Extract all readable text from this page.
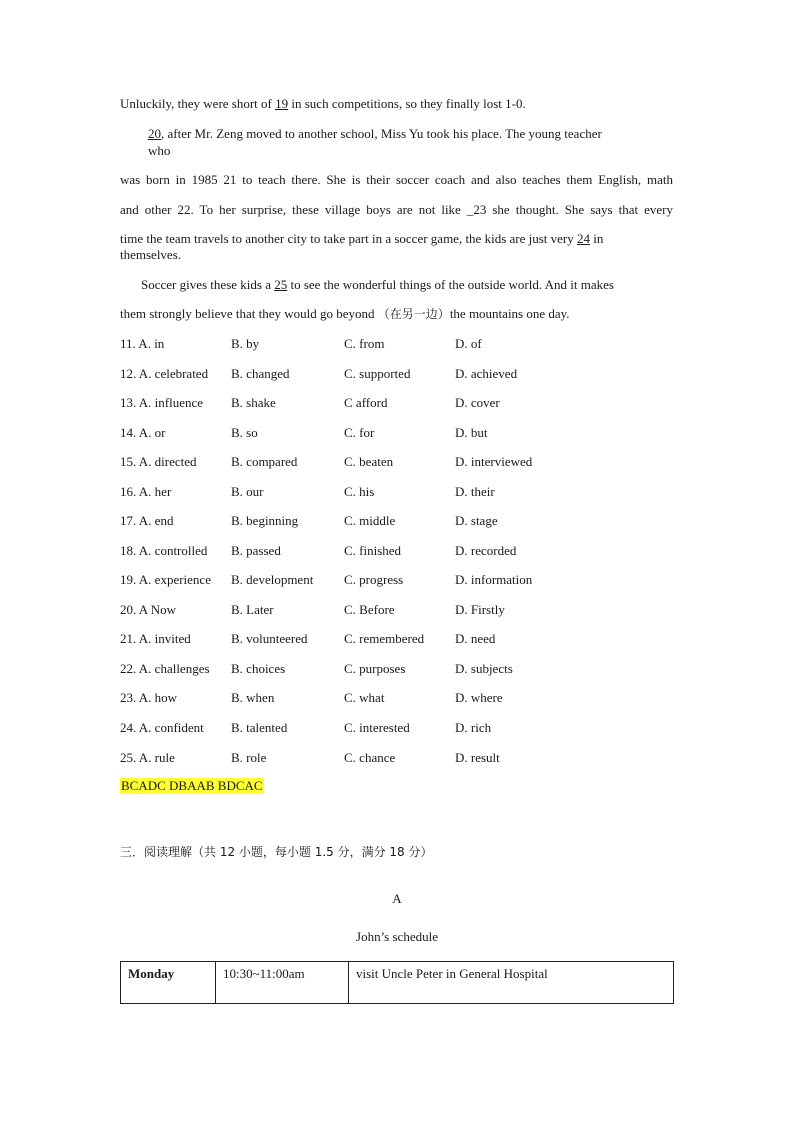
Unluckily, they were short of 19 in such competitions, so they finally lost 1-0.
20, after Mr. Zeng moved to another school, Miss Yu took his place. The young teacher
who
was born in 1985 21 to teach there. She is their soccer coach and also teaches them English, math
and other 22. To her surprise, these village boys are not like _23 she thought. She says that every
time the team travels to another city to take part in a soccer game, the kids are just very 24 in
themselves.
Soccer gives these kids a 25 to see the wonderful things of the outside world. And it makes
them strongly believe that they would go beyond （在另一边）the mountains one day.
11. A. in	B. by	C. from	D. of
12. A. celebrated B. changed	C. supported	D. achieved
13. A. influence B. shake	C afford	D. cover
14. A. or	B. so	C. for	D. but
15. A. directed	B. compared	C. beaten	D. interviewed
16. A. her	B. our	C. his	D. their
17. A. end	B. beginning	C. middle	D. stage
18. A. controlled B. passed	C. finished	D. recorded
19. A. experience B. development C. progress	D. information
20. A Now	B. Later	C. Before	D. Firstly
21. A. invited	B. volunteered	C. remembered D. need
22. A. challenges B. choices	C. purposes	D. subjects
23. A. how	B. when	C. what	D. where
24. A. confident B. talented	C. interested	D. rich
25. A. rule	B. role	C. chance	D. result
BCADC DBAAB BDCAC
三．阅读理解（共 12 小题，每小题 1.5 分，满分 18 分）
A
John’s schedule
Monday	10:30~11:00am	visit Uncle Peter in General Hospital
